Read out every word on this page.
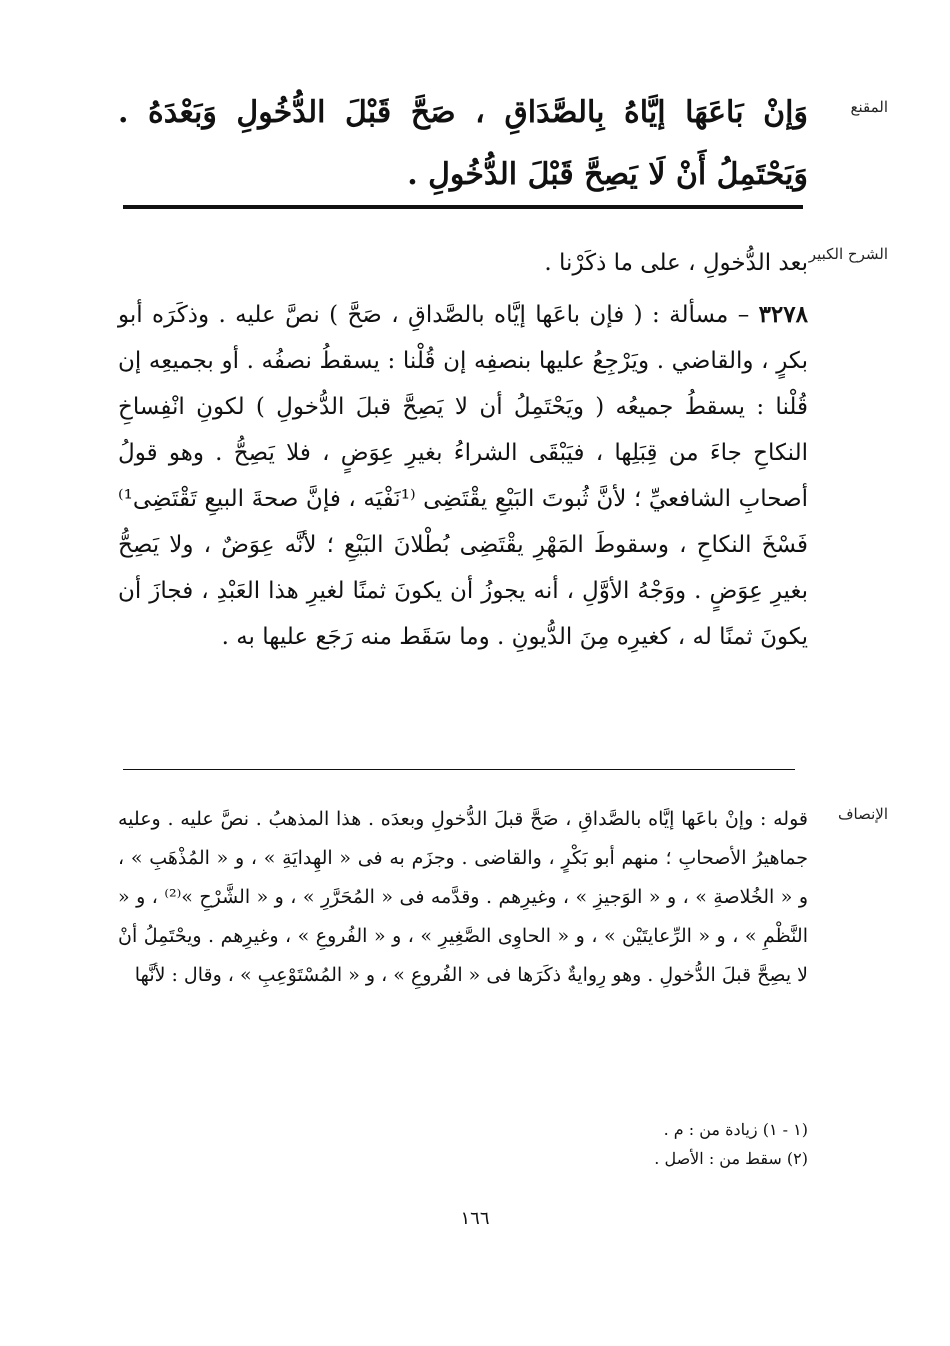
المقنع

وَإنْ بَاعَهَا إيَّاهُ بِالصَّدَاقِ ، صَحَّ قَبْلَ الدُّخُولِ وَبَعْدَهُ . وَيَحْتَمِلُ أَنْ لَا يَصِحَّ قَبْلَ الدُّخُولِ .

الشرح الكبير

بعد الدُّخولِ ، على ما ذكَرْنا .

٣٢٧٨ – مسألة : ( فإن باعَها إيَّاه بالصَّداقِ ، صَحَّ ) نصَّ عليه . وذكَرَه أبو بكرٍ ، والقاضي . ويَرْجِعُ عليها بنصفِه إن قُلْنا : يسقطُ نصفُه . أو بجميعِه إن قُلْنا : يسقطُ جميعُه ( ويَحْتَمِلُ أن لا يَصِحَّ قبلَ الدُّخولِ ) لكونِ انْفِساخِ النكاحِ جاءَ من قِبَلِها ، فيَبْقَى الشراءُ بغيرِ عِوَضٍ ، فلا يَصِحُّ . وهو قولُ أصحابِ الشافعيِّ ؛ لأنَّ ثُبوتَ البَيْعِ يقْتَضِى ⁽¹نَفْيَه ، فإنَّ صحةَ البيعِ تَقْتَضِى¹⁾ فَسْخَ النكاحِ ، وسقوطَ المَهْرِ يقْتَضِى بُطْلانَ البَيْعِ ؛ لأنَّه عِوَضٌ ، ولا يَصِحُّ بغيرِ عِوَضٍ . ووَجْهُ الأوَّلِ ، أنه يجوزُ أن يكونَ ثمنًا لغيرِ هذا العَبْدِ ، فجازَ أن يكونَ ثمنًا له ، كغيرِه مِنَ الدُّيونِ . وما سَقَط منه رَجَع عليها به .

الإنصاف

قوله : وإنْ باعَها إيَّاه بالصَّداقِ ، صَحَّ قبلَ الدُّخولِ وبعدَه . هذا المذهبُ . نصَّ عليه . وعليه جماهيرُ الأصحابِ ؛ منهم أبو بَكْرٍ ، والقاضى . وجزَم به فى « الهِدايَةِ » ، و « المُذْهَبِ » ، و « الخُلاصةِ » ، و « الوَجيزِ » ، وغيرِهم . وقدَّمه فى « المُحَرَّرِ » ، و « الشَّرْحِ »⁽²⁾ ، و « النَّظْمِ » ، و « الرِّعايتَيْن » ، و « الحاوِى الصَّغِيرِ » ، و « الفُروعِ » ، وغيرِهم . ويحْتَمِلُ أنْ لا يصِحَّ قبلَ الدُّخولِ . وهو رِوايةٌ ذكَرَها فى « الفُروعِ » ، و « المُسْتَوْعِبِ » ، وقال : لأنَّها

(١ - ١) زيادة من : م .

(٢) سقط من : الأصل .

١٦٦
